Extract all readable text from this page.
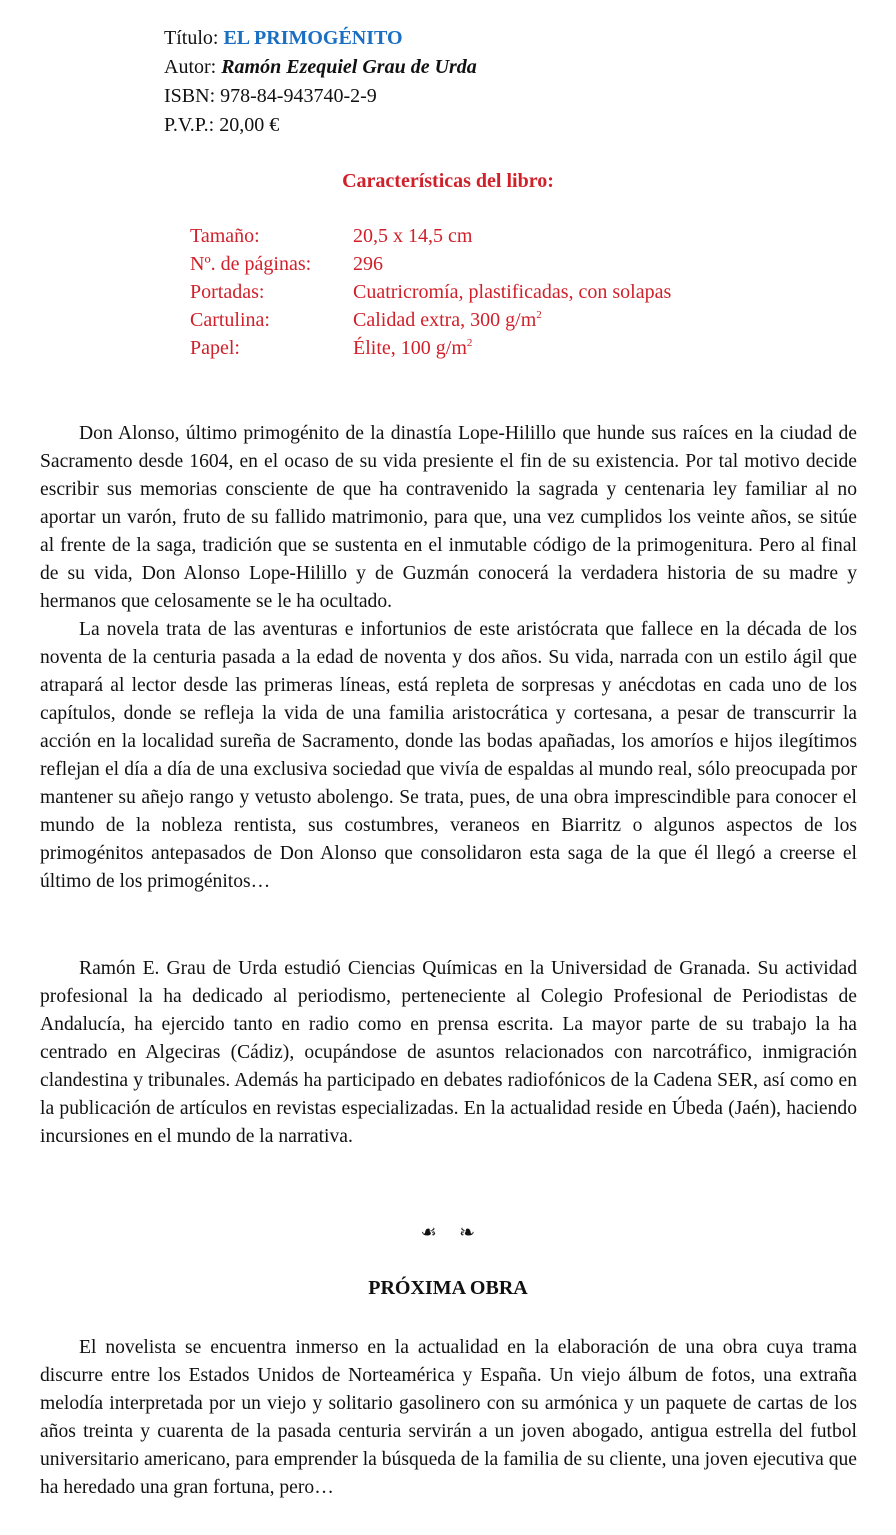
Título: EL PRIMOGÉNITO
Autor: Ramón Ezequiel Grau de Urda
ISBN: 978-84-943740-2-9
P.V.P.: 20,00 €
Características del libro:
Tamaño:	20,5 x 14,5 cm
Nº. de páginas:	296
Portadas:	Cuatricromía, plastificadas, con solapas
Cartulina:	Calidad extra, 300 $g/m^2$
Papel:	Élite, 100 $g/m^2$

Don Alonso, último primogénito de la dinastía Lope-Hilillo que hunde sus raíces en la ciudad de Sacramento desde 1604, en el ocaso de su vida presiente el fin de su existencia. Por tal motivo decide escribir sus memorias consciente de que ha contravenido la sagrada y centenaria ley familiar al no aportar un varón, fruto de su fallido matrimonio, para que, una vez cumplidos los veinte años, se sitúe al frente de la saga, tradición que se sustenta en el inmutable código de la primogenitura. Pero al final de su vida, Don Alonso Lope-Hilillo y de Guzmán conocerá la verdadera historia de su madre y hermanos que celosamente se le ha ocultado.

La novela trata de las aventuras e infortunios de este aristócrata que fallece en la década de los noventa de la centuria pasada a la edad de noventa y dos años. Su vida, narrada con un estilo ágil que atrapará al lector desde las primeras líneas, está repleta de sorpresas y anécdotas en cada uno de los capítulos, donde se refleja la vida de una familia aristocrática y cortesana, a pesar de transcurrir la acción en la localidad sureña de Sacramento, donde las bodas apañadas, los amoríos e hijos ilegítimos reflejan el día a día de una exclusiva sociedad que vivía de espaldas al mundo real, sólo preocupada por mantener su añejo rango y vetusto abolengo. Se trata, pues, de una obra imprescindible para conocer el mundo de la nobleza rentista, sus costumbres, veraneos en Biarritz o algunos aspectos de los primogénitos antepasados de Don Alonso que consolidaron esta saga de la que él llegó a creerse el último de los primogénitos…

Ramón E. Grau de Urda estudió Ciencias Químicas en la Universidad de Granada. Su actividad profesional la ha dedicado al periodismo, perteneciente al Colegio Profesional de Periodistas de Andalucía, ha ejercido tanto en radio como en prensa escrita. La mayor parte de su trabajo la ha centrado en Algeciras (Cádiz), ocupándose de asuntos relacionados con narcotráfico, inmigración clandestina y tribunales. Además ha participado en debates radiofónicos de la Cadena SER, así como en la publicación de artículos en revistas especializadas. En la actualidad reside en Úbeda (Jaén), haciendo incursiones en el mundo de la narrativa.

☙ ☙
PRÓXIMA OBRA

El novelista se encuentra inmerso en la actualidad en la elaboración de una obra cuya trama discurre entre los Estados Unidos de Norteamérica y España. Un viejo álbum de fotos, una extraña melodía interpretada por un viejo y solitario gasolinero con su armónica y un paquete de cartas de los años treinta y cuarenta de la pasada centuria servirán a un joven abogado, antigua estrella del futbol universitario americano, para emprender la búsqueda de la familia de su cliente, una joven ejecutiva que ha heredado una gran fortuna, pero…
